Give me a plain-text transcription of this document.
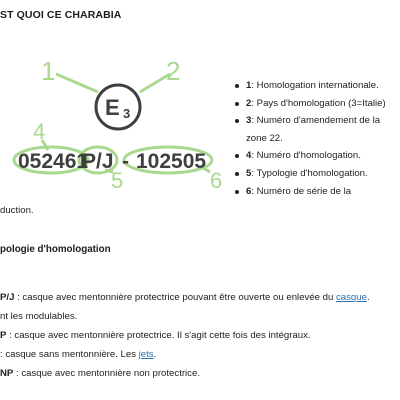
ST QUOI CE CHARABIA
1	2
4
5	6
E 3
052461
P/J - 102505
1: Homologation internationale.
2: Pays d'homologation (3=Italie)
3: Numéro d'amendement de la zone 22.
4: Numéro d'homologation.
5: Typologie d'homologation.
6: Numéro de série de la
duction.
pologie d'homologation
P/J : casque avec mentonnière protectrice pouvant être ouverte ou enlevée du casque.
nt les modulables.
P : casque avec mentonnière protectrice. Il s'agit cette fois des intégraux.
: casque sans mentonnière. Les jets.
NP : casque avec mentonnière non protectrice.
